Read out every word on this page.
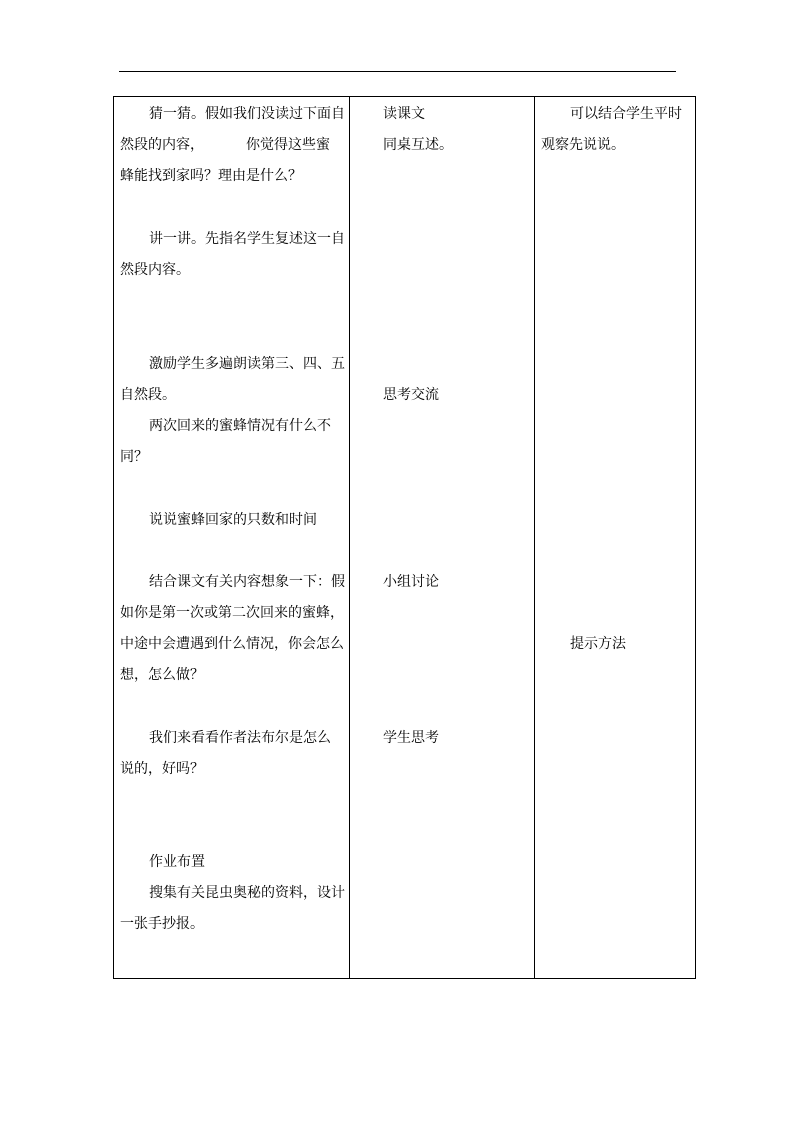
猜一猜。假如我们没读过下面自
然段的内容，	你觉得这些蜜
蜂能找到家吗？理由是什么？
讲一讲。先指名学生复述这一自
然段内容。
激励学生多遍朗读第三、四、五
自然段。
两次回来的蜜蜂情况有什么不
同？
说说蜜蜂回家的只数和时间
结合课文有关内容想象一下：假
如你是第一次或第二次回来的蜜蜂，
中途中会遭遇到什么情况，你会怎么
想，怎么做？
我们来看看作者法布尔是怎么
说的，好吗？
作业布置
搜集有关昆虫奥秘的资料，设计
一张手抄报。
读课文
同桌互述。
思考交流
小组讨论
学生思考
可以结合学生平时
观察先说说。
提示方法
